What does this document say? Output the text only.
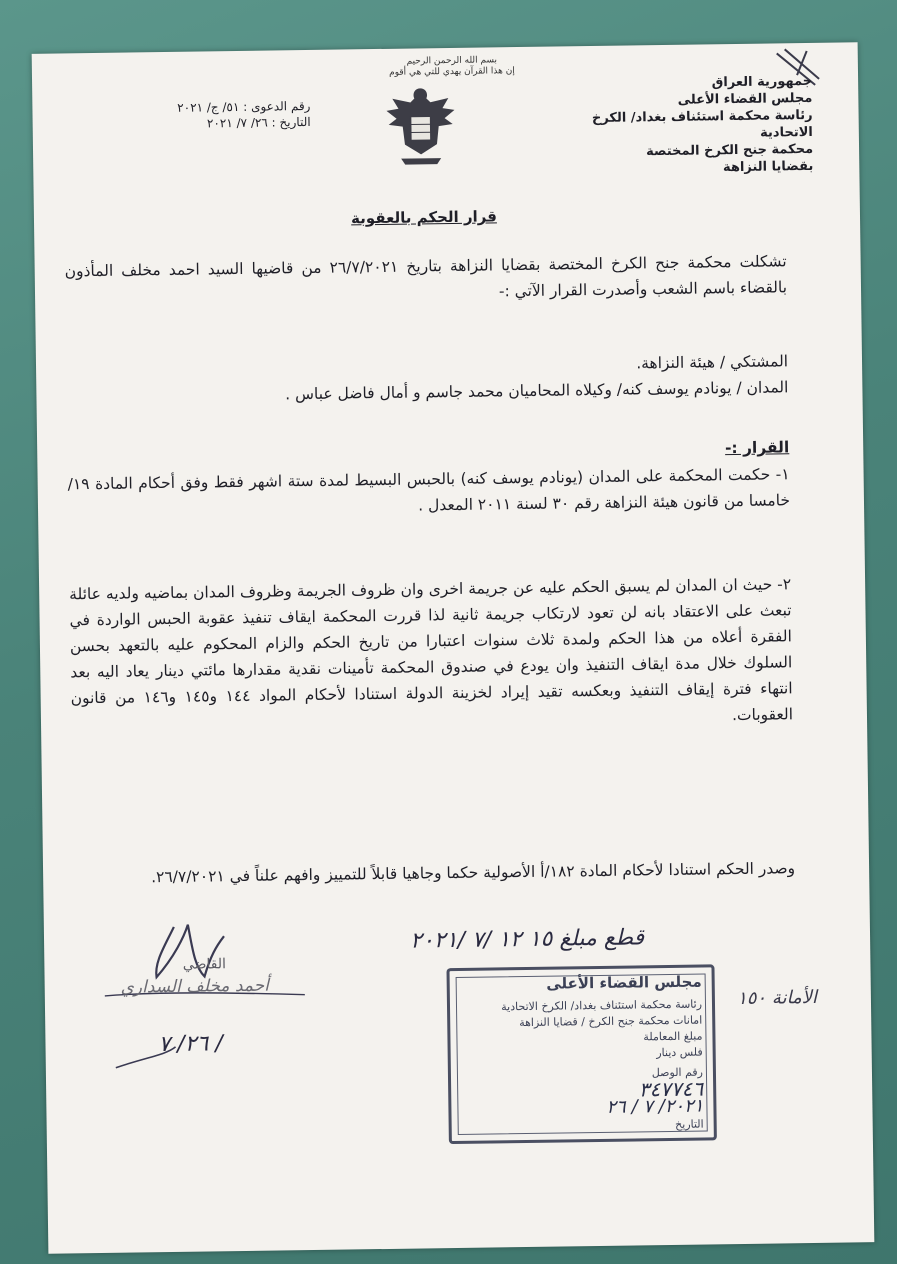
بسم الله الرحمن الرحيم
إن هذا القرآن يهدي للتي هي أقوم
جمهورية العراق
مجلس القضاء الأعلى
رئاسة محكمة استئناف بغداد/ الكرخ الاتحادية
محكمة جنح الكرخ المختصة
بقضايا النزاهة
رقم الدعوى : ٥١/ ج/ ٢٠٢١
التاريخ : ٢٦/ ٧/ ٢٠٢١
قرار الحكم بالعقوبة
تشكلت محكمة جنح الكرخ المختصة بقضايا النزاهة بتاريخ ٢٦/٧/٢٠٢١ من قاضيها السيد احمد مخلف المأذون بالقضاء باسم الشعب وأصدرت القرار الآتي :-
المشتكي / هيئة النزاهة.
المدان / يونادم يوسف كنه/ وكيلاه المحاميان محمد جاسم و أمال فاضل عباس .
القرار :-
١- حكمت المحكمة على المدان (يونادم يوسف كنه) بالحبس البسيط لمدة ستة اشهر فقط وفق أحكام المادة ١٩/خامسا من قانون هيئة النزاهة رقم ٣٠ لسنة ٢٠١١ المعدل .
٢- حيث ان المدان لم يسبق الحكم عليه عن جريمة اخرى وان ظروف الجريمة وظروف المدان بماضيه ولديه عائلة تبعث على الاعتقاد بانه لن تعود لارتكاب جريمة ثانية لذا قررت المحكمة ايقاف تنفيذ عقوبة الحبس الواردة في الفقرة أعلاه من هذا الحكم ولمدة ثلاث سنوات اعتبارا من تاريخ الحكم والزام المحكوم عليه بالتعهد بحسن السلوك خلال مدة ايقاف التنفيذ وان يودع في صندوق المحكمة تأمينات نقدية مقدارها مائتي دينار يعاد اليه بعد انتهاء فترة إيقاف التنفيذ وبعكسه تقيد إيراد لخزينة الدولة استنادا لأحكام المواد ١٤٤ و١٤٥ و١٤٦ من قانون العقوبات.
وصدر الحكم استنادا لأحكام المادة ١٨٢/أ الأصولية حكما وجاهيا قابلاً للتمييز وافهم علناً في ٢٦/٧/٢٠٢١.
القاضي
أحمد مخلف السداري
٢٦/ ٧ /
قطع مبلغ ١٥ ١٢ /٧ /٢٠٢١
مجلس القضاء الأعلى
رئاسة محكمة استئناف بغداد/ الكرخ الاتحادية
امانات محكمة جنح الكرخ / قضايا النزاهة
مبلغ المعاملة
فلس دينار
رقم الوصل
٣٤٧٧٤٦
التاريخ
٢٠٢١/ ٧ / ٢٦
الأمانة ١٥٠
